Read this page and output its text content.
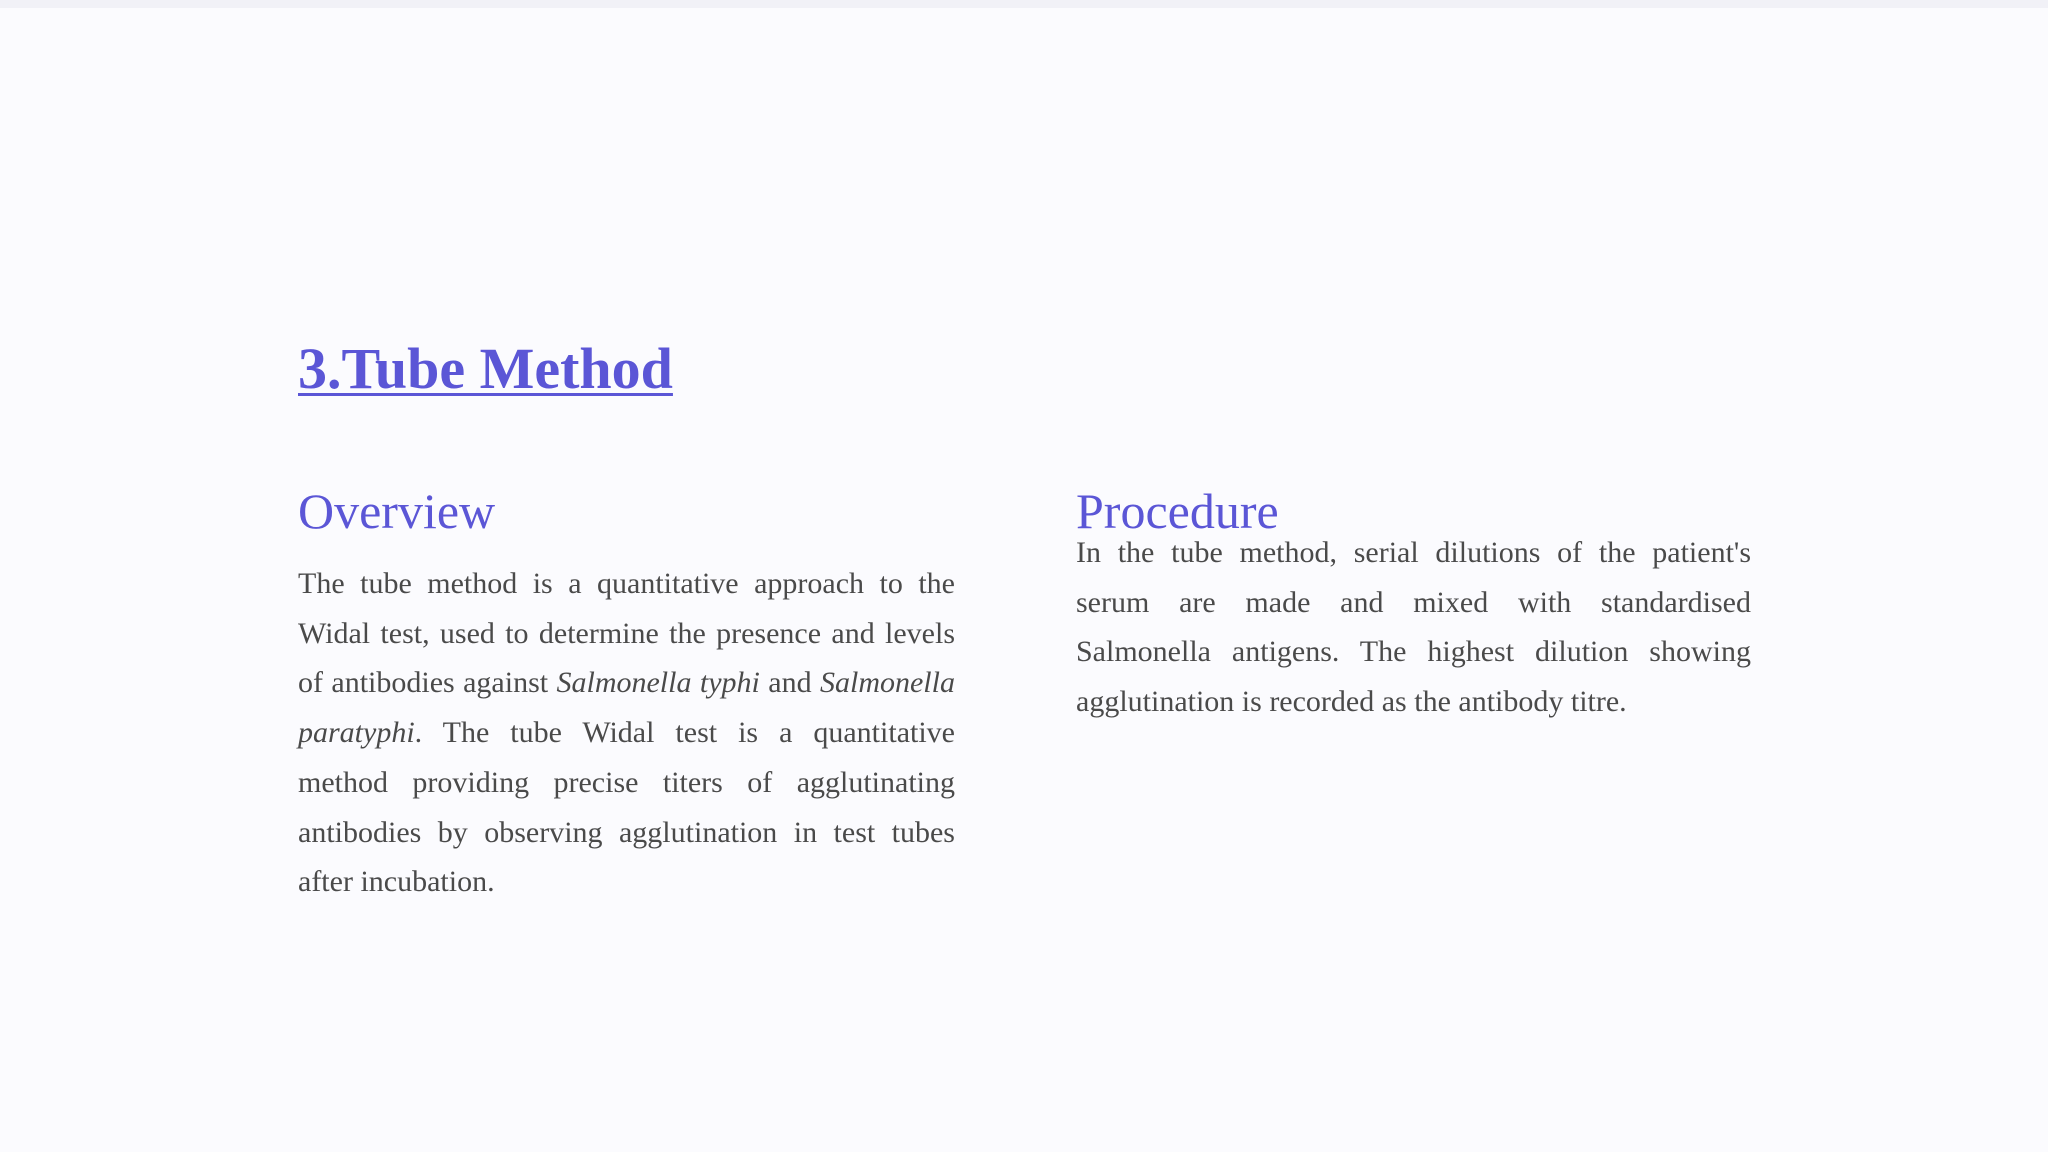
3.Tube Method
Overview

The tube method is a quantitative approach to the Widal test, used to determine the presence and levels of antibodies against Salmonella typhi and Salmonella paratyphi. The tube Widal test is a quantitative method providing precise titers of agglutinating antibodies by observing agglutination in test tubes after incubation.

Procedure

In the tube method, serial dilutions of the patient's serum are made and mixed with standardised Salmonella antigens. The highest dilution showing agglutination is recorded as the antibody titre.
